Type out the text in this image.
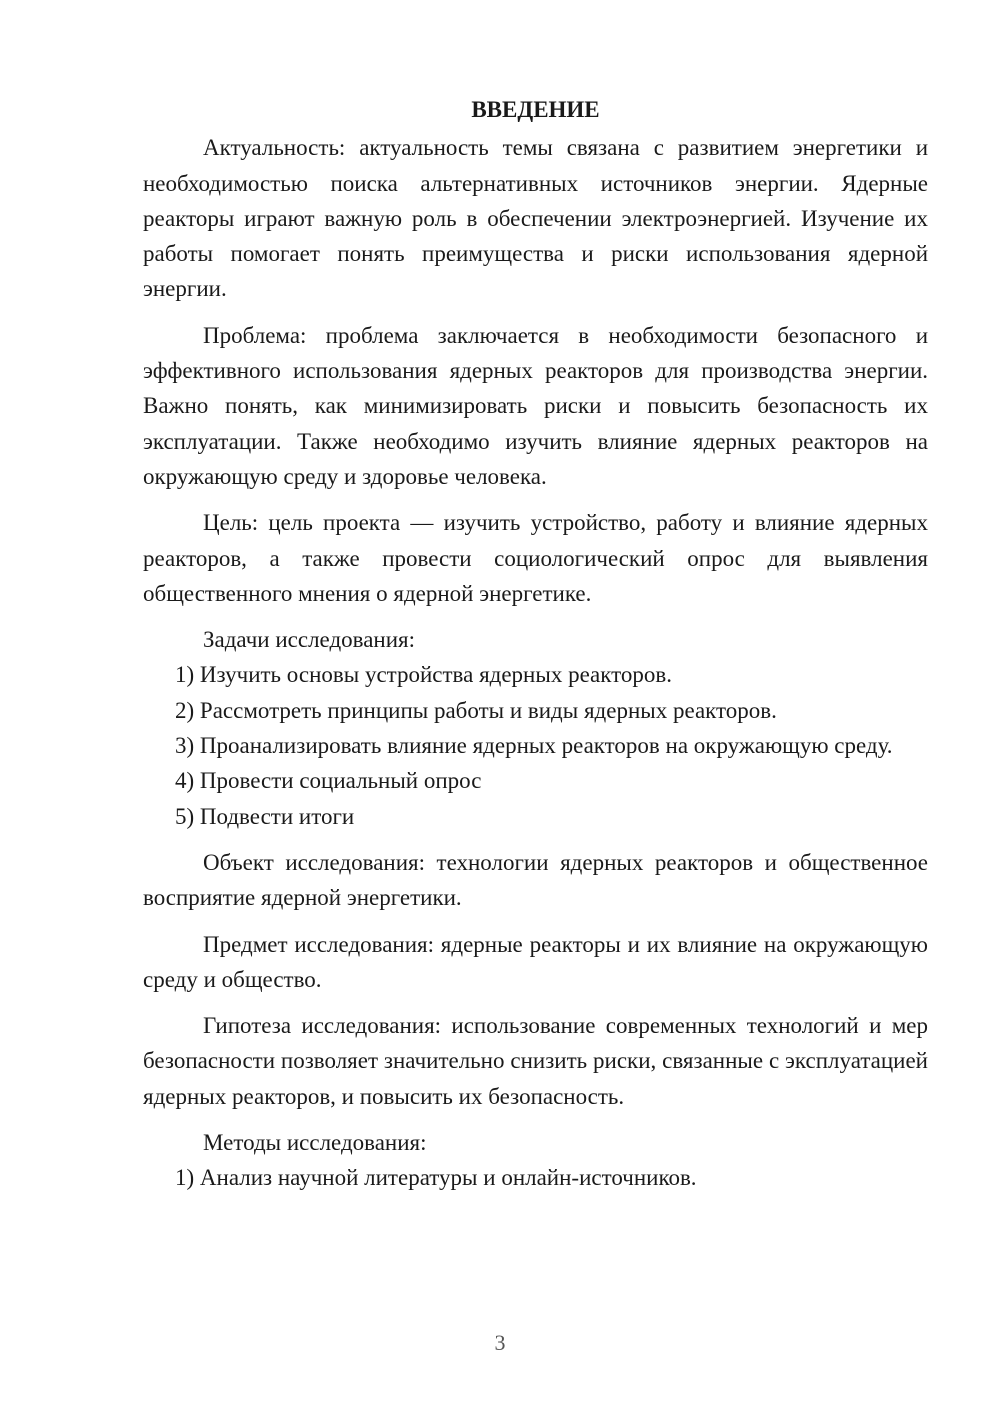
ВВЕДЕНИЕ

Актуальность: актуальность темы связана с развитием энергетики и необходимостью поиска альтернативных источников энергии. Ядерные реакторы играют важную роль в обеспечении электроэнергией. Изучение их работы помогает понять преимущества и риски использования ядерной энергии.

Проблема: проблема заключается в необходимости безопасного и эффективного использования ядерных реакторов для производства энергии. Важно понять, как минимизировать риски и повысить безопасность их эксплуатации. Также необходимо изучить влияние ядерных реакторов на окружающую среду и здоровье человека.

Цель: цель проекта — изучить устройство, работу и влияние ядерных реакторов, а также провести социологический опрос для выявления общественного мнения о ядерной энергетике.

Задачи исследования:

1) Изучить основы устройства ядерных реакторов.

2) Рассмотреть принципы работы и виды ядерных реакторов.

3) Проанализировать влияние ядерных реакторов на окружающую среду.

4) Провести социальный опрос

5) Подвести итоги

Объект исследования: технологии ядерных реакторов и общественное восприятие ядерной энергетики.

Предмет исследования: ядерные реакторы и их влияние на окружающую среду и общество.

Гипотеза исследования: использование современных технологий и мер безопасности позволяет значительно снизить риски, связанные с эксплуатацией ядерных реакторов, и повысить их безопасность.

Методы исследования:

1) Анализ научной литературы и онлайн-источников.

3
